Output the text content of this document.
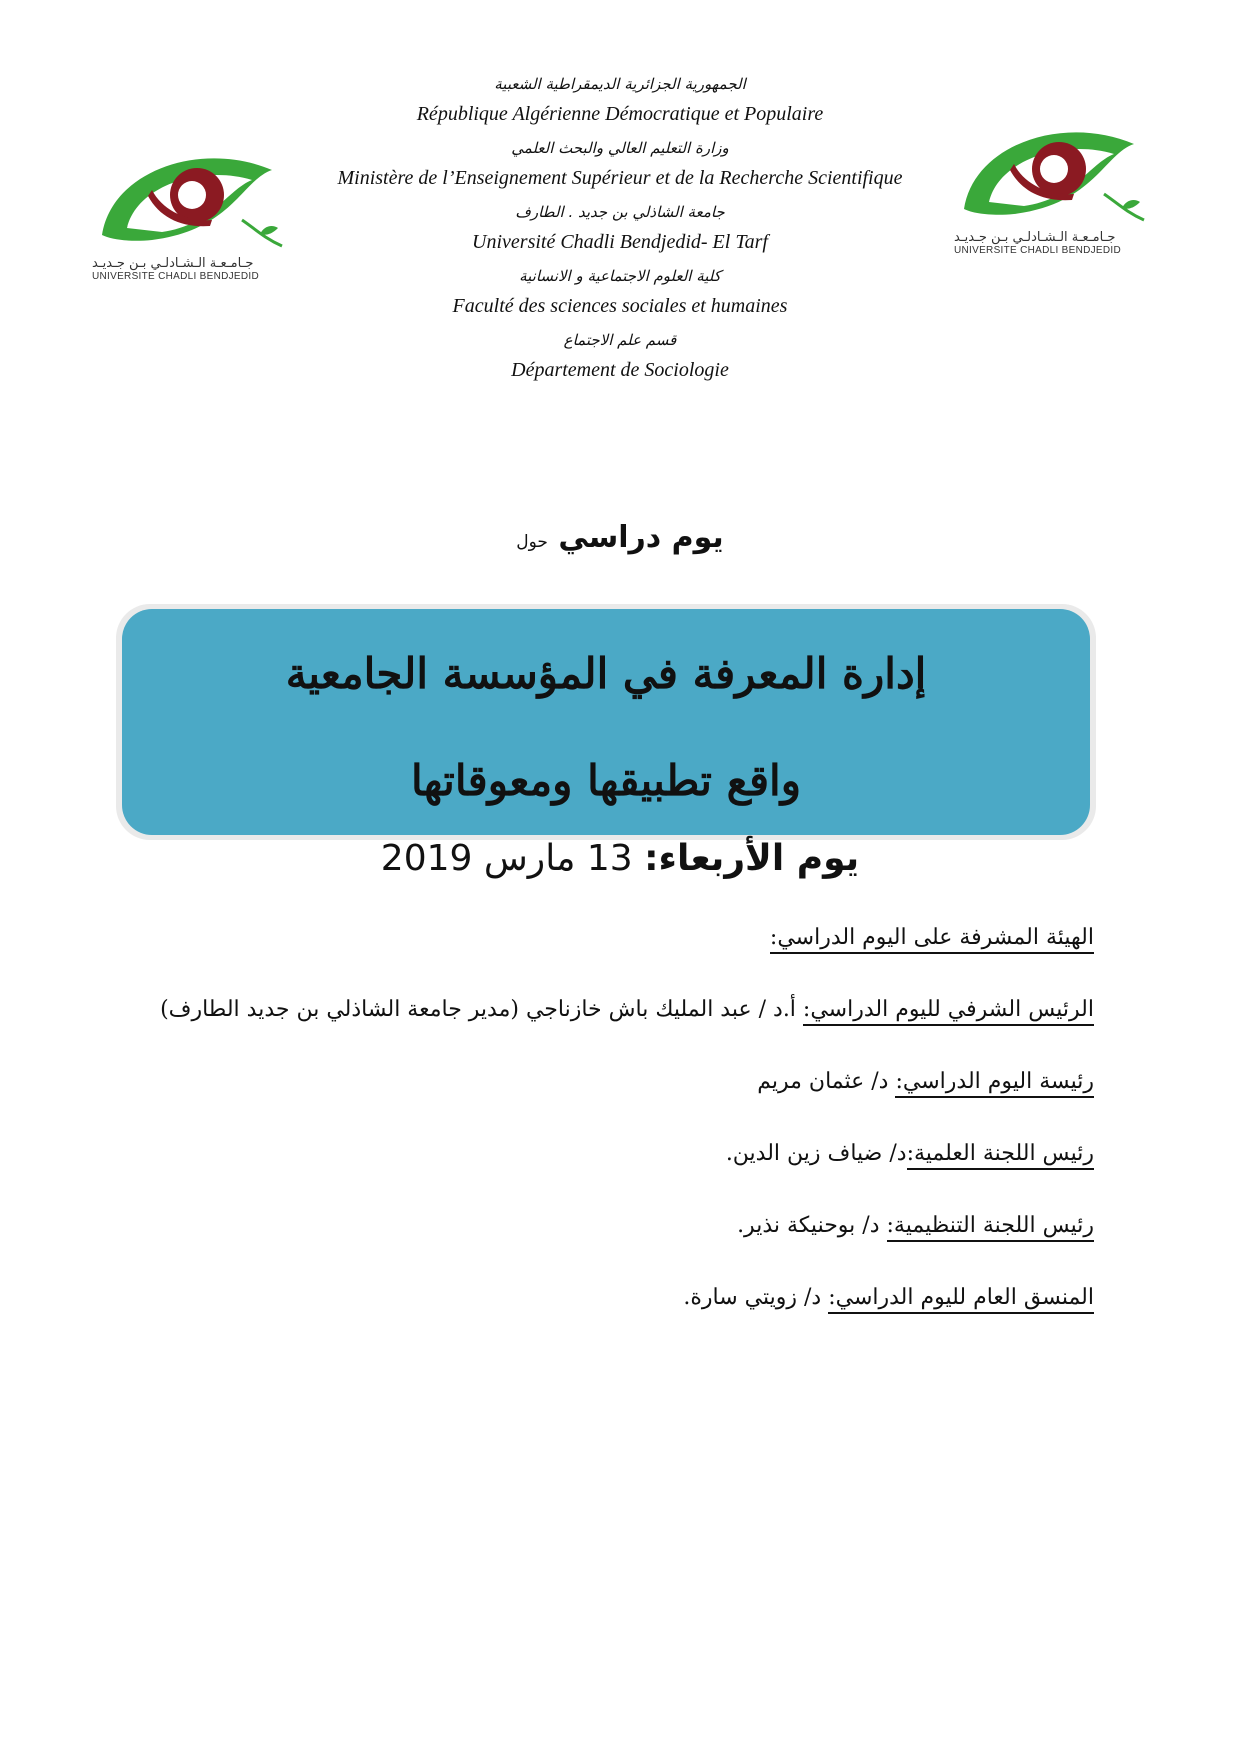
الجمهورية الجزائرية الديمقراطية الشعبية
République Algérienne Démocratique et Populaire
وزارة التعليم العالي والبحث العلمي
Ministère de l’Enseignement Supérieur et de la Recherche Scientifique
جامعة الشاذلي بن جديد . الطارف
Université Chadli Bendjedid- El Tarf
كلية العلوم الاجتماعية و الانسانية
Faculté des sciences sociales et humaines
قسم علم الاجتماع
Département de Sociologie
جـامـعـة الـشـادلـي بـن جـديـد
UNIVERSITE CHADLI BENDJEDID
جـامـعـة الـشـادلـي بـن جـديـد
UNIVERSITE CHADLI BENDJEDID
يوم دراسي حول
إدارة المعرفة في المؤسسة الجامعية
واقع تطبيقها ومعوقاتها
يوم الأربعاء: 13 مارس 2019
الهيئة المشرفة على اليوم الدراسي:
الرئيس الشرفي لليوم الدراسي: أ.د / عبد المليك باش خازناجي (مدير جامعة الشاذلي بن جديد الطارف)
رئيسة اليوم الدراسي: د/ عثمان مريم
رئيس اللجنة العلمية:د/ ضياف زين الدين.
رئيس اللجنة التنظيمية: د/ بوحنيكة نذير.
المنسق العام لليوم الدراسي: د/ زويتي سارة.
